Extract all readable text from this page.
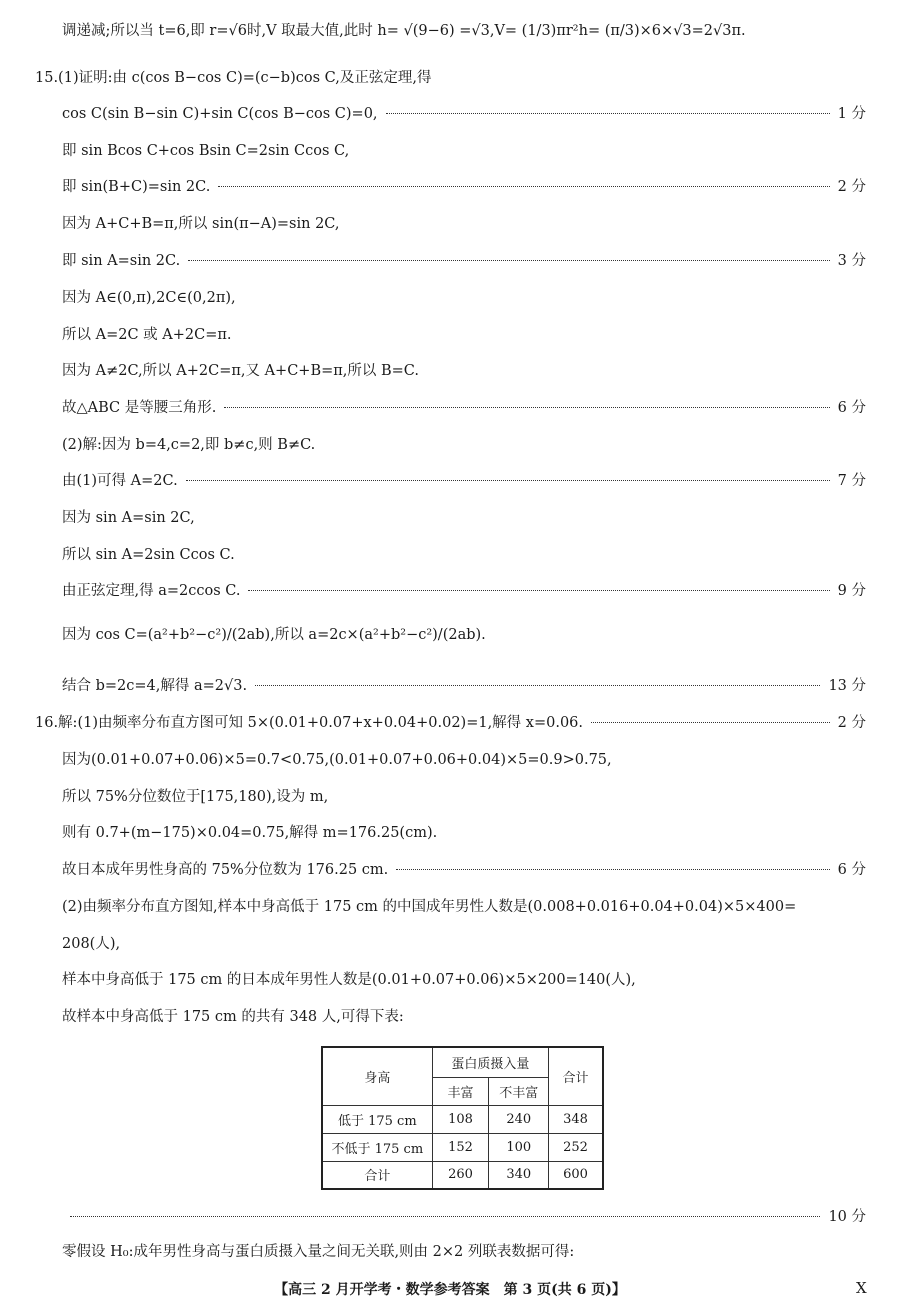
调递减;所以当 t=6,即 r=√6时,V 取最大值,此时 h= √(9−6) =√3,V= (1/3)πr²h= (π/3)×6×√3=2√3π.
15.(1)证明:由 c(cos B−cos C)=(c−b)cos C,及正弦定理,得
cos C(sin B−sin C)+sin C(cos B−cos C)=0,	1 分
即 sin Bcos C+cos Bsin C=2sin Ccos C,
即 sin(B+C)=sin 2C.	2 分
因为 A+C+B=π,所以 sin(π−A)=sin 2C,
即 sin A=sin 2C.	3 分
因为 A∈(0,π),2C∈(0,2π),
所以 A=2C 或 A+2C=π.
因为 A≠2C,所以 A+2C=π,又 A+C+B=π,所以 B=C.
故△ABC 是等腰三角形.	6 分
(2)解:因为 b=4,c=2,即 b≠c,则 B≠C.
由(1)可得 A=2C.	7 分
因为 sin A=sin 2C,
所以 sin A=2sin Ccos C.
由正弦定理,得 a=2ccos C.	9 分
因为 cos C=(a²+b²−c²)/(2ab),所以 a=2c×(a²+b²−c²)/(2ab).
结合 b=2c=4,解得 a=2√3.	13 分
16.解:(1)由频率分布直方图可知 5×(0.01+0.07+x+0.04+0.02)=1,解得 x=0.06.	2 分
因为(0.01+0.07+0.06)×5=0.7<0.75,(0.01+0.07+0.06+0.04)×5=0.9>0.75,
所以 75%分位数位于[175,180),设为 m,
则有 0.7+(m−175)×0.04=0.75,解得 m=176.25(cm).
故日本成年男性身高的 75%分位数为 176.25 cm.	6 分
(2)由频率分布直方图知,样本中身高低于 175 cm 的中国成年男性人数是(0.008+0.016+0.04+0.04)×5×400=
208(人),
样本中身高低于 175 cm 的日本成年男性人数是(0.01+0.07+0.06)×5×200=140(人),
故样本中身高低于 175 cm 的共有 348 人,可得下表:
身高	蛋白质摄入量		合计
	丰富	不丰富	
低于 175 cm	108	240	348
不低于 175 cm	152	100	252
合计	260	340	600
10 分
零假设 H₀:成年男性身高与蛋白质摄入量之间无关联,则由 2×2 列联表数据可得:
【高三 2 月开学考・数学参考答案　第 3 页(共 6 页)】	X
